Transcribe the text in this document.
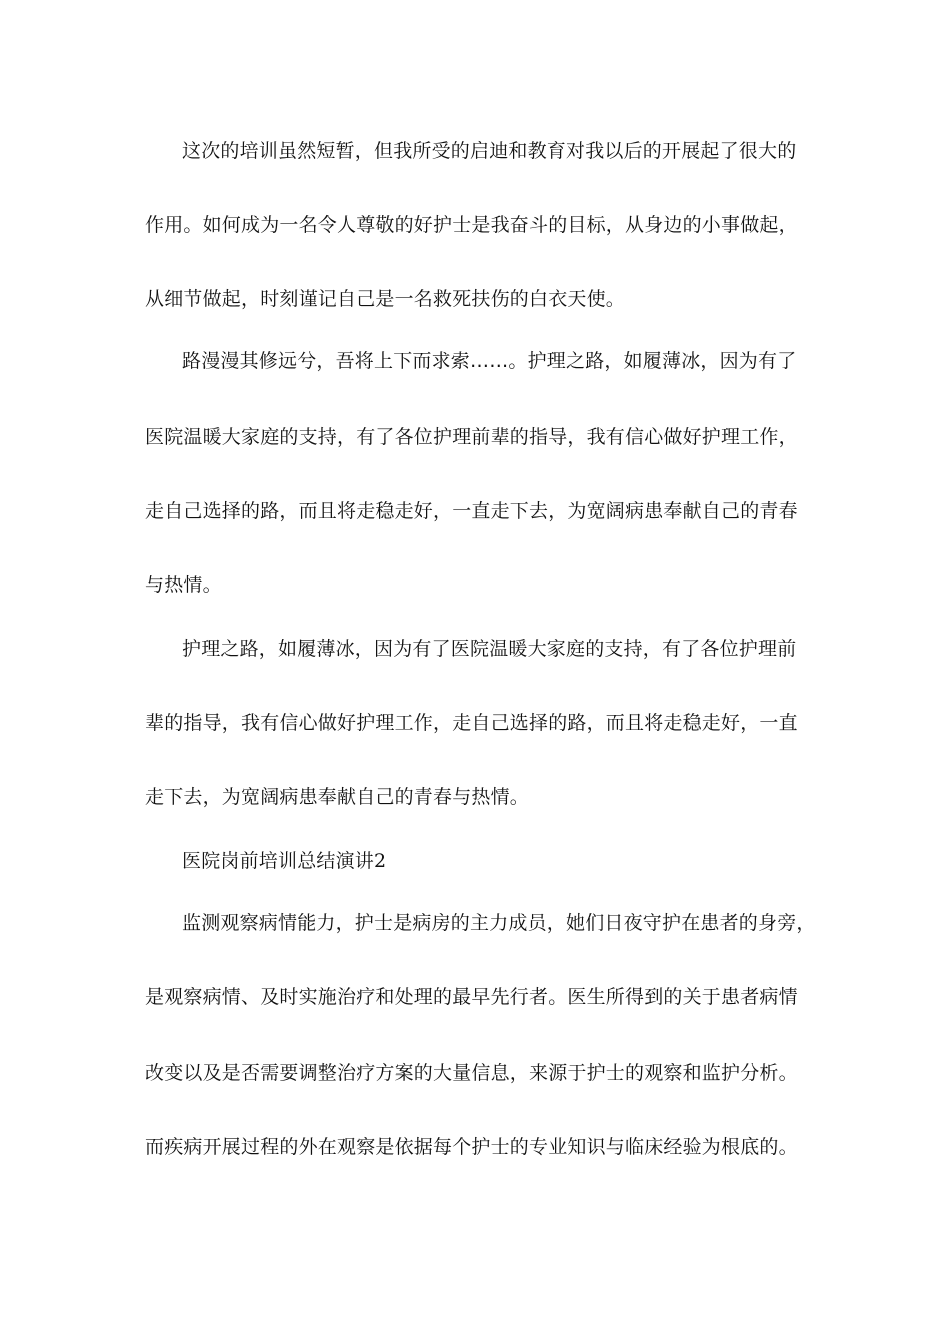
这次的培训虽然短暂，但我所受的启迪和教育对我以后的开展起了很大的
作用。如何成为一名令人尊敬的好护士是我奋斗的目标，从身边的小事做起，
从细节做起，时刻谨记自己是一名救死扶伤的白衣天使。
路漫漫其修远兮，吾将上下而求索……。护理之路，如履薄冰，因为有了
医院温暖大家庭的支持，有了各位护理前辈的指导，我有信心做好护理工作，
走自己选择的路，而且将走稳走好，一直走下去，为宽阔病患奉献自己的青春
与热情。
护理之路，如履薄冰，因为有了医院温暖大家庭的支持，有了各位护理前
辈的指导，我有信心做好护理工作，走自己选择的路，而且将走稳走好，一直
走下去，为宽阔病患奉献自己的青春与热情。
医院岗前培训总结演讲2
监测观察病情能力，护士是病房的主力成员，她们日夜守护在患者的身旁，
是观察病情、及时实施治疗和处理的最早先行者。医生所得到的关于患者病情
改变以及是否需要调整治疗方案的大量信息，来源于护士的观察和监护分析。
而疾病开展过程的外在观察是依据每个护士的专业知识与临床经验为根底的。
